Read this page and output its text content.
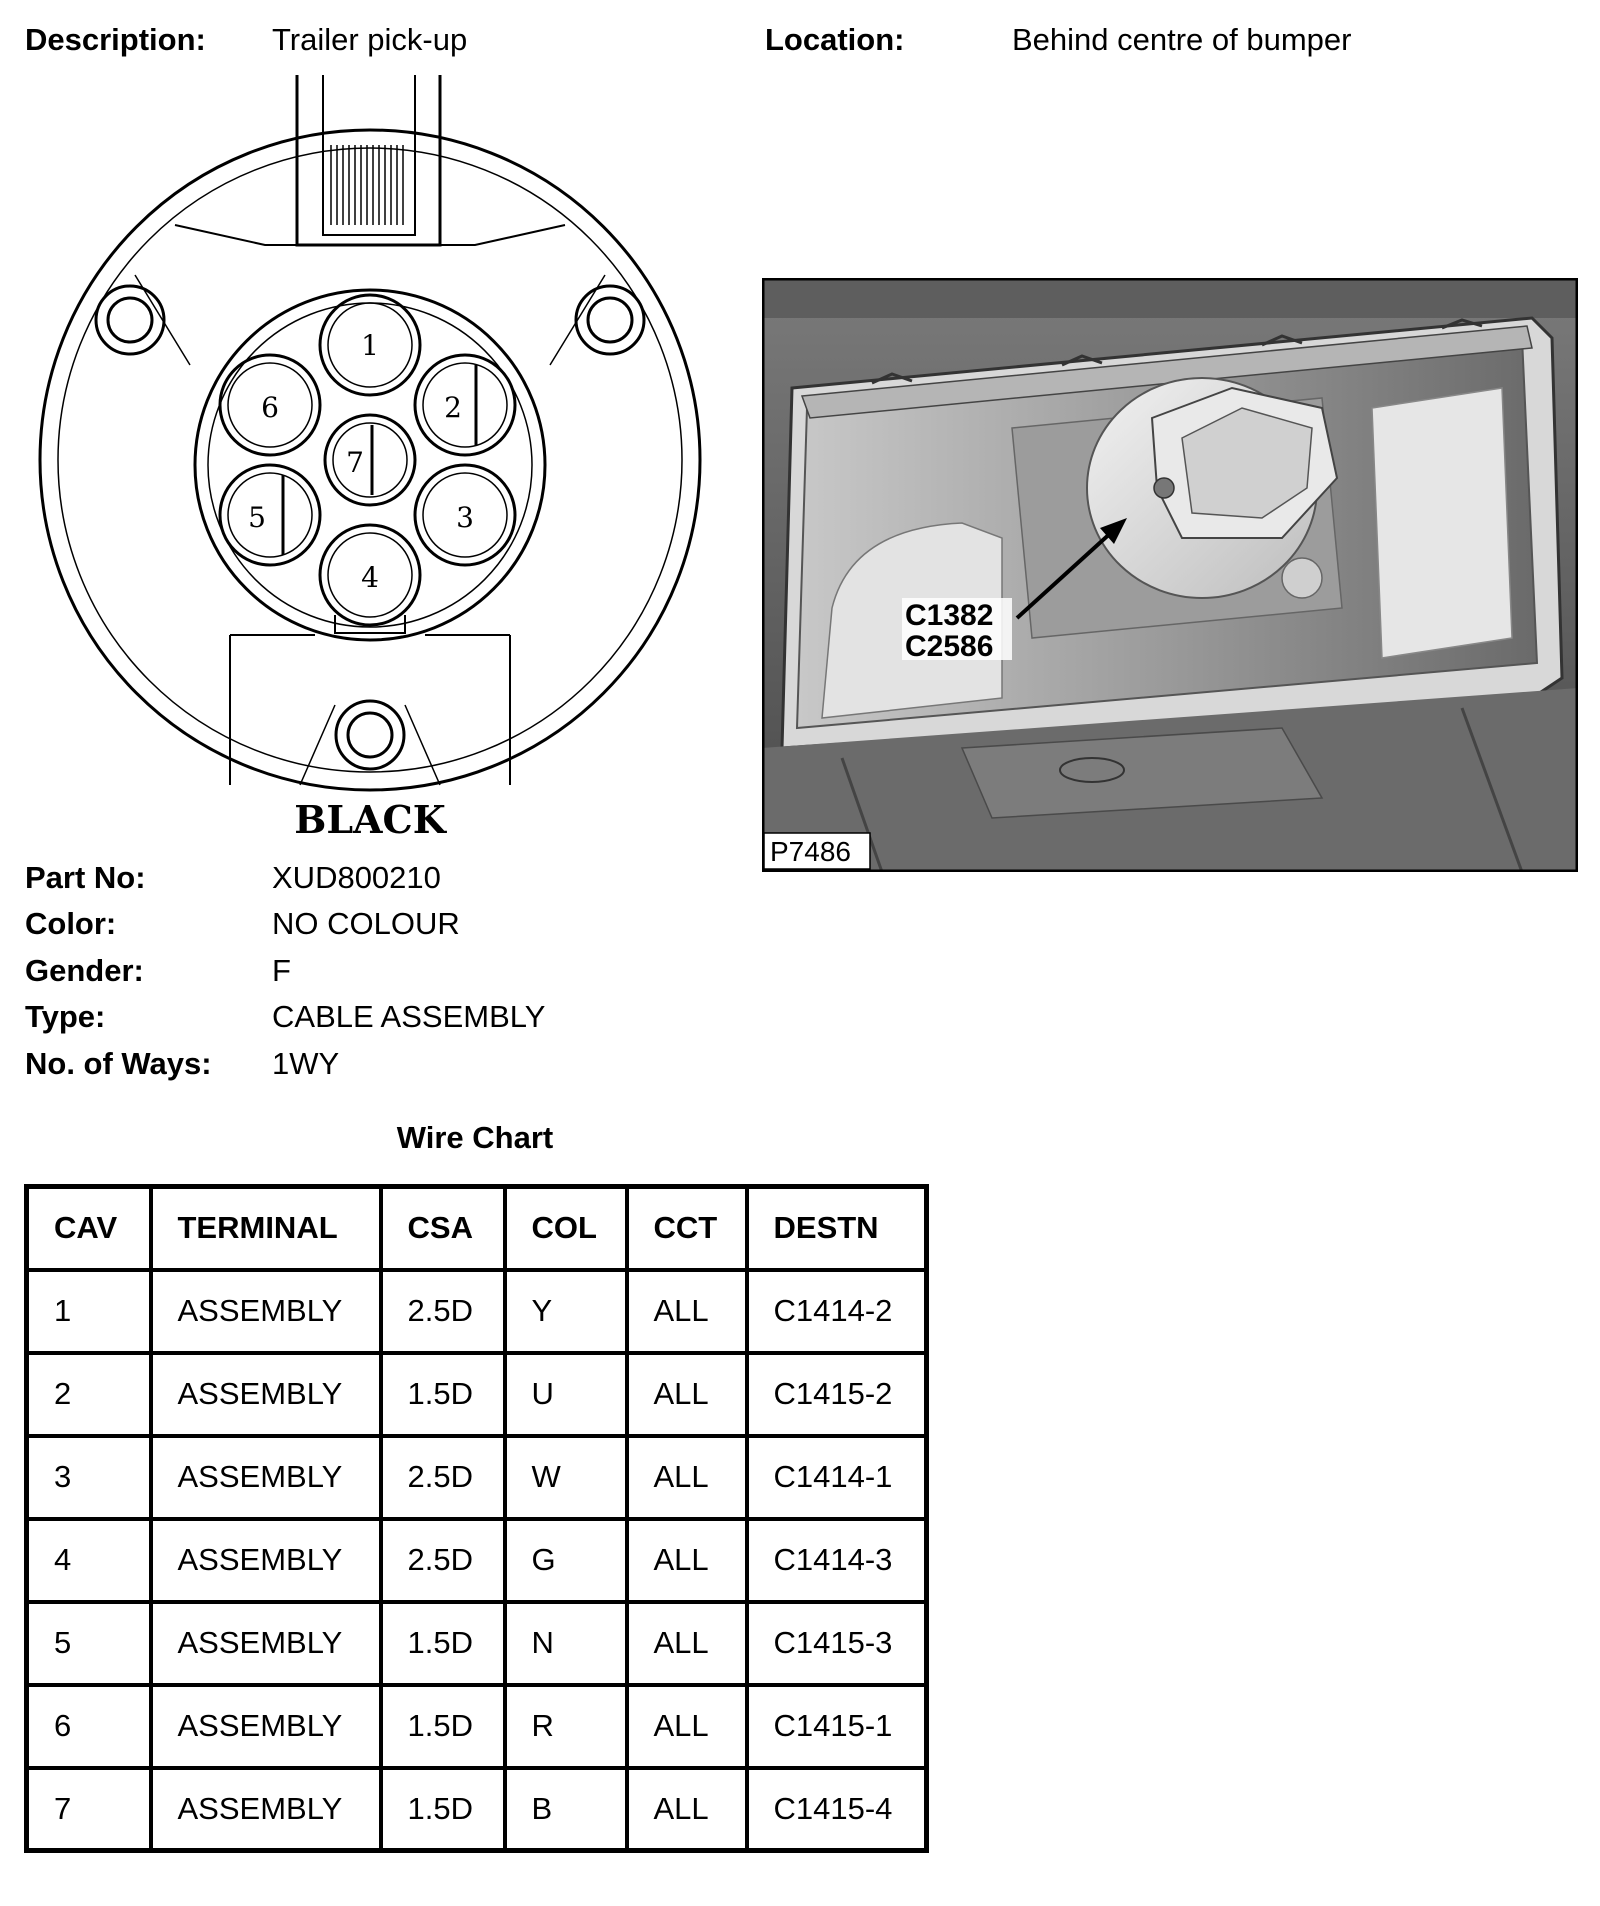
Description: Trailer pick-up	Location:	Behind centre of bumper
1
2
3
4
5
6
7
BLACK
C1382
C2586
P7486
Part No:	XUD800210
Color:	NO COLOUR
Gender:	F
Type:	CABLE ASSEMBLY
No. of Ways: 1WY
Wire Chart
CAV	TERMINAL	CSA	COL	CCT	DESTN
1	ASSEMBLY	2.5D	Y	ALL	C1414-2
2	ASSEMBLY	1.5D	U	ALL	C1415-2
3	ASSEMBLY	2.5D	W	ALL	C1414-1
4	ASSEMBLY	2.5D	G	ALL	C1414-3
5	ASSEMBLY	1.5D	N	ALL	C1415-3
6	ASSEMBLY	1.5D	R	ALL	C1415-1
7	ASSEMBLY	1.5D	B	ALL	C1415-4
